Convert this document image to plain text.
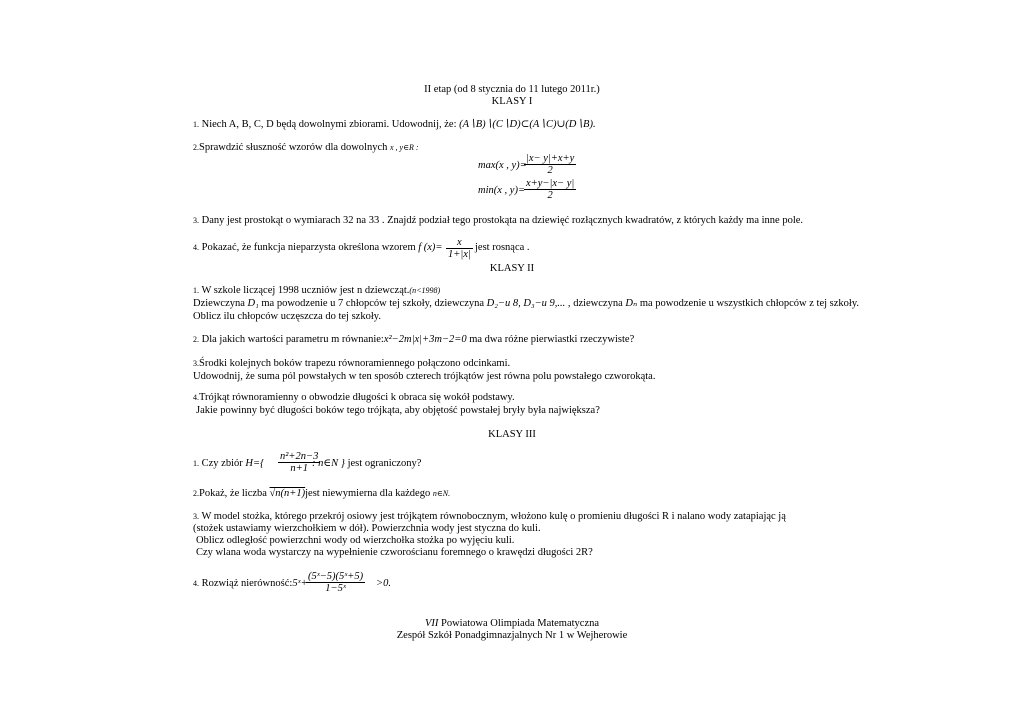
II etap (od 8 stycznia do 11 lutego 2011r.)
KLASY I
1. Niech A, B, C, D będą dowolnymi zbiorami. Udowodnij, że: (A∖B)∖(C∖D)⊂(A∖C)∪(D∖B).
2.Sprawdzić słuszność wzorów dla dowolnych x , y∈R :
max(x , y)=
$\frac{|x- y|+x+y}{2}$
min(x , y)=
$\frac{x+y-|x- y|}{2}$
3. Dany jest prostokąt o wymiarach 32 na 33 . Znajdź podział tego prostokąta na dziewięć rozłącznych kwadratów, z których każdy ma inne pole.
4. Pokazać, że funkcja nieparzysta określona wzorem f $(x)= \frac{x}{1+|x|}$ jest rosnąca .
KLASY II
1. W szkole liczącej 1998 uczniów jest n dziewcząt.(n<1998)
Dziewczyna D₁ ma powodzenie u 7 chłopców tej szkoły, dziewczyna D₂−u 8, D₃−u 9,... , dziewczyna Dₙ ma powodzenie u wszystkich chłopców z tej szkoły.
Oblicz ilu chłopców uczęszcza do tej szkoły.
2. Dla jakich wartości parametru m równanie:x²−2m|x|+3m−2=0 ma dwa różne pierwiastki rzeczywiste?
3.Środki kolejnych boków trapezu równoramiennego połączono odcinkami.
Udowodnij, że suma pól powstałych w ten sposób czterech trójkątów jest równa polu powstałego czworokąta.
4.Trójkąt równoramienny o obwodzie długości k obraca się wokół podstawy.
Jakie powinny być długości boków tego trójkąta, aby objętość powstałej bryły była największa?
KLASY III
1. Czy zbiór $H=\{ \frac{\text{n²+2n−3}}{n+1}$
: n∈N } jest ograniczony?
2.Pokaż, że liczba √n(n+1)jest niewymierna dla każdego n∈N.
3. W model stożka, którego przekrój osiowy jest trójkątem równobocznym, włożono kulę o promieniu długości R i nalano wody zatapiając ją
(stożek ustawiamy wierzchołkiem w dół). Powierzchnia wody jest styczna do kuli.
Oblicz odległość powierzchni wody od wierzchołka stożka po wyjęciu kuli.
Czy wlana woda wystarczy na wypełnienie czworościanu foremnego o krawędzi długości 2R?
4. Rozwiąż nierówność:5ˣ+
$\frac{\text{(5ˣ−5)(5ˣ+5)}}{\text{1−5ˣ}} >0$.
VII Powiatowa Olimpiada Matematyczna
Zespół Szkół Ponadgimnazjalnych Nr 1 w Wejherowie
